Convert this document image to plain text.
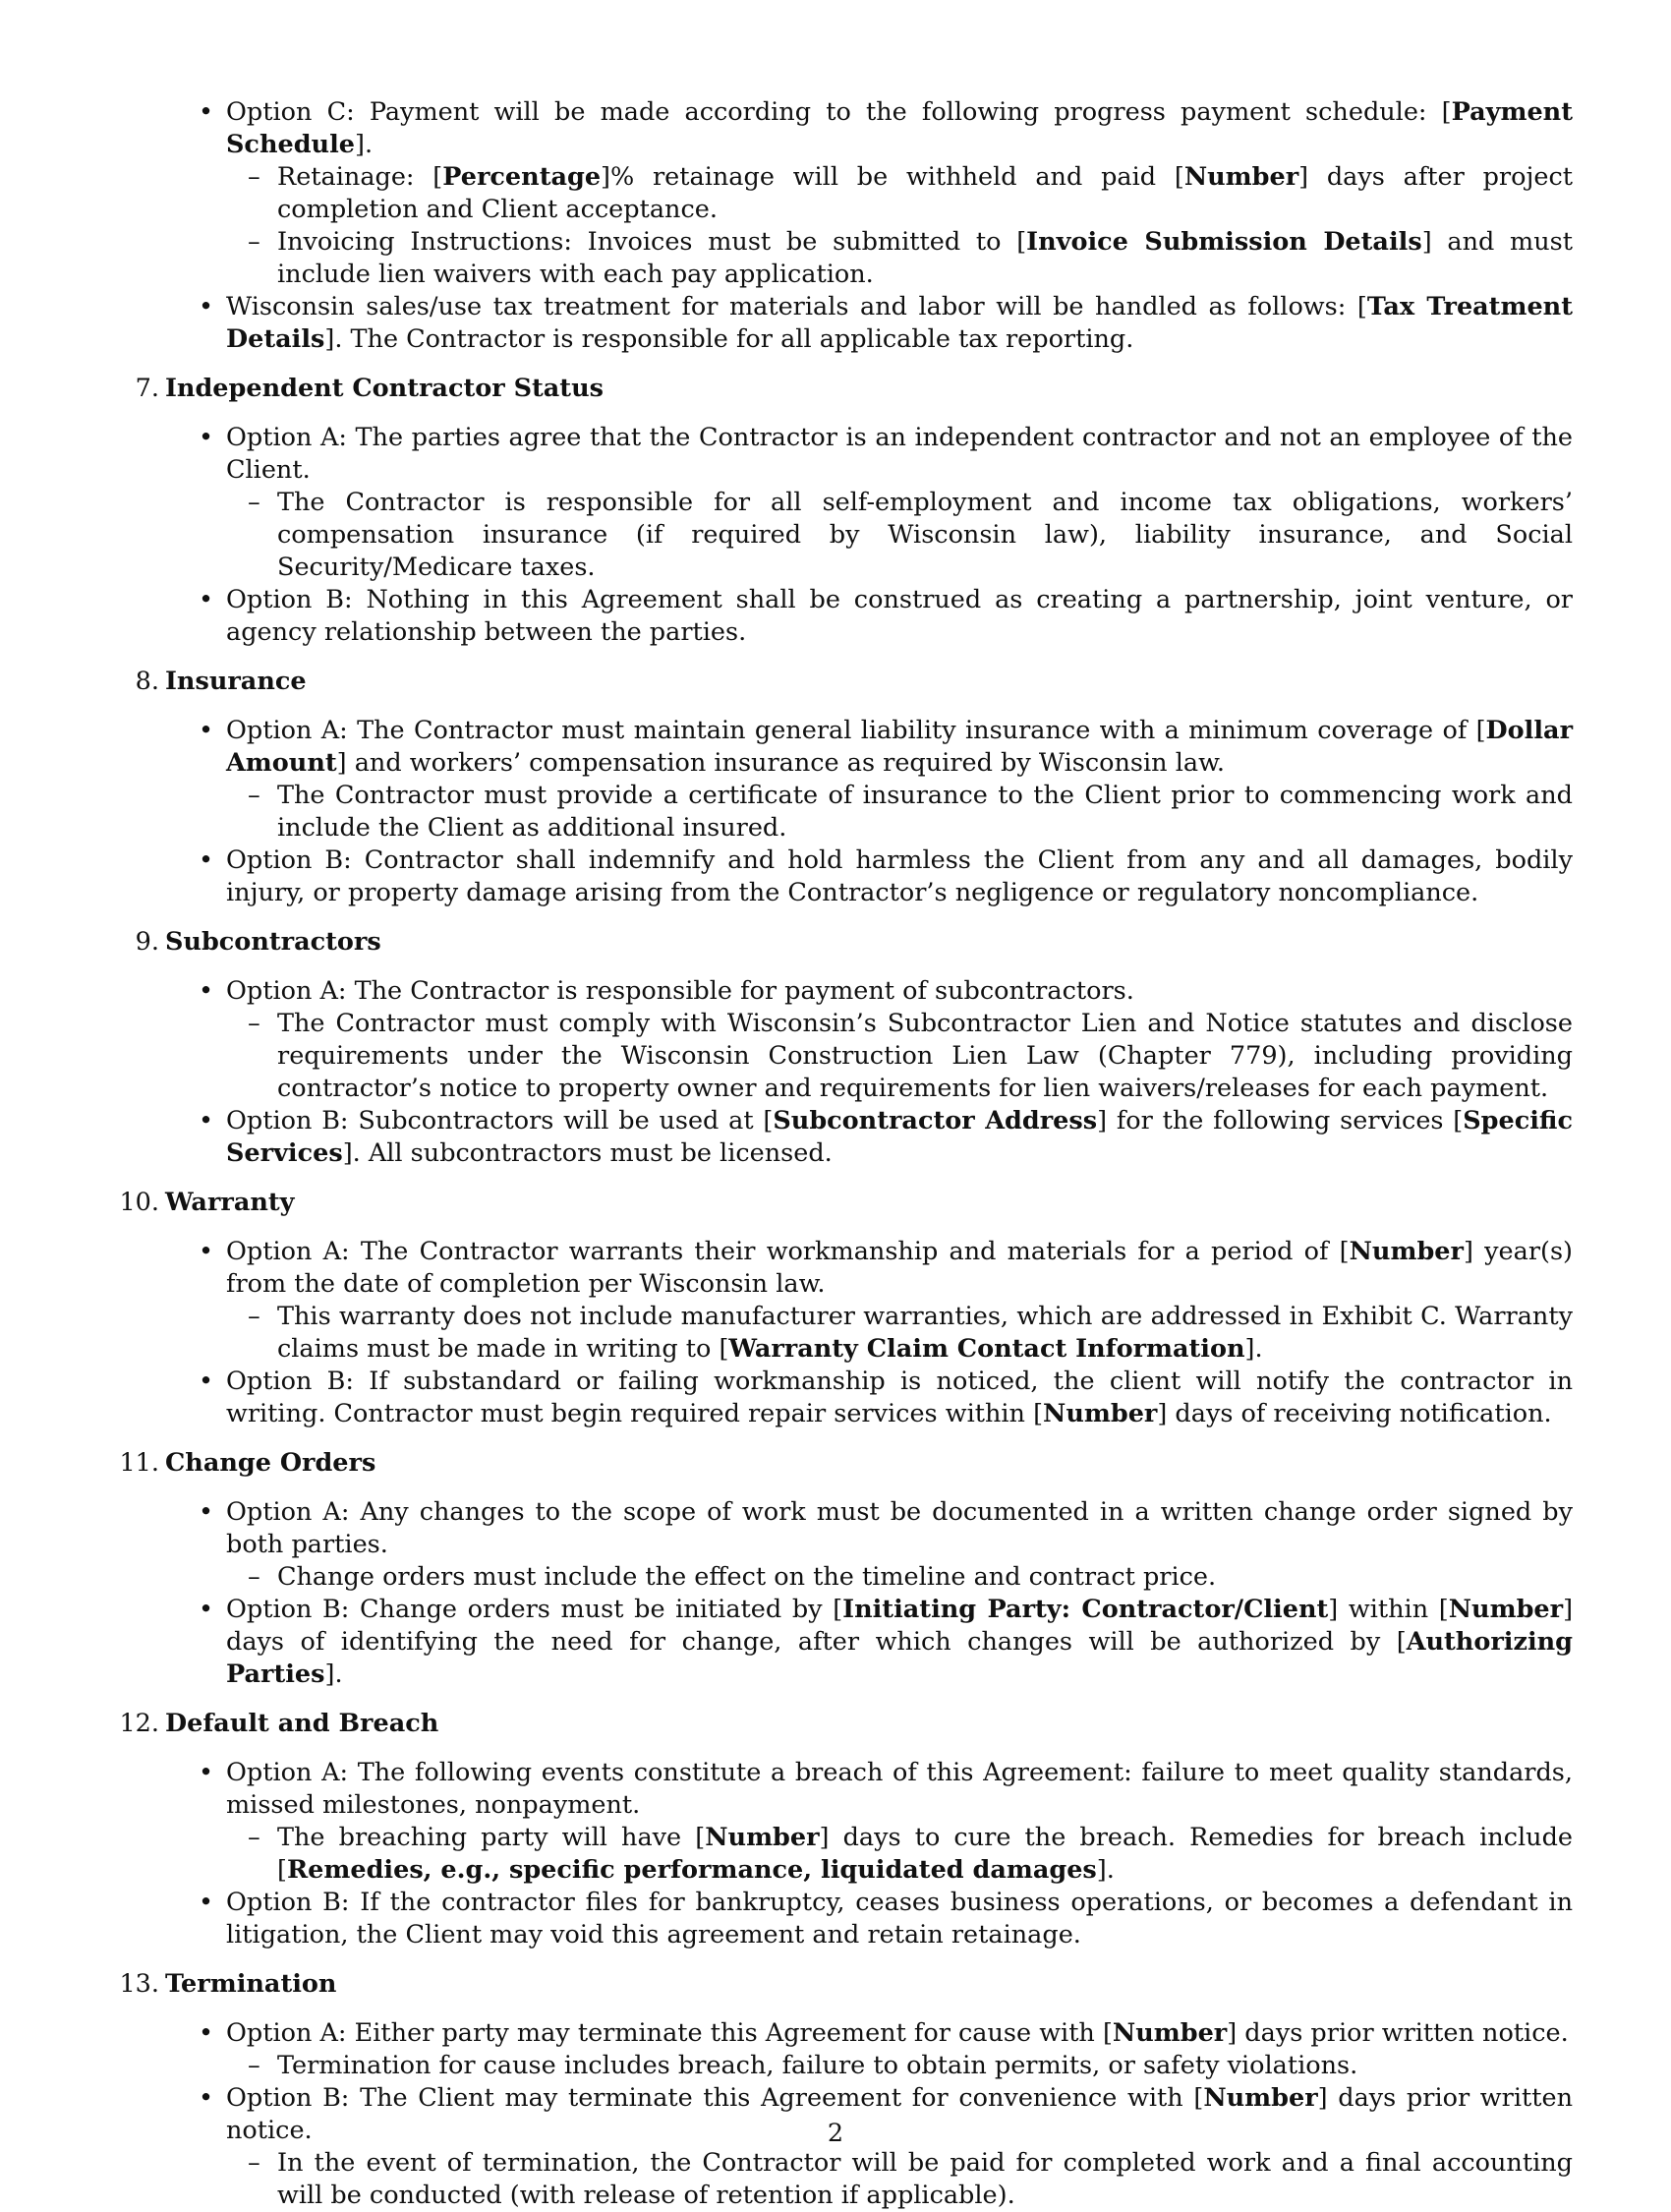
• Option C: Payment will be made according to the following progress payment schedule: [Payment Schedule].
– Retainage: [Percentage]% retainage will be withheld and paid [Number] days after project completion and Client acceptance.
– Invoicing Instructions: Invoices must be submitted to [Invoice Submission Details] and must include lien waivers with each pay application.
• Wisconsin sales/use tax treatment for materials and labor will be handled as follows: [Tax Treatment Details]. The Contractor is responsible for all applicable tax reporting.
7. Independent Contractor Status
• Option A: The parties agree that the Contractor is an independent contractor and not an employee of the Client.
– The Contractor is responsible for all self-employment and income tax obligations, workers’ compensation insurance (if required by Wisconsin law), liability insurance, and Social Security/Medicare taxes.
• Option B: Nothing in this Agreement shall be construed as creating a partnership, joint venture, or agency relationship between the parties.
8. Insurance
• Option A: The Contractor must maintain general liability insurance with a minimum coverage of [Dollar Amount] and workers’ compensation insurance as required by Wisconsin law.
– The Contractor must provide a certificate of insurance to the Client prior to commencing work and include the Client as additional insured.
• Option B: Contractor shall indemnify and hold harmless the Client from any and all damages, bodily injury, or property damage arising from the Contractor’s negligence or regulatory noncompliance.
9. Subcontractors
• Option A: The Contractor is responsible for payment of subcontractors.
– The Contractor must comply with Wisconsin’s Subcontractor Lien and Notice statutes and disclose requirements under the Wisconsin Construction Lien Law (Chapter 779), including providing contractor’s notice to property owner and requirements for lien waivers/releases for each payment.
• Option B: Subcontractors will be used at [Subcontractor Address] for the following services [Specific Services]. All subcontractors must be licensed.
10. Warranty
• Option A: The Contractor warrants their workmanship and materials for a period of [Number] year(s) from the date of completion per Wisconsin law.
– This warranty does not include manufacturer warranties, which are addressed in Exhibit C. Warranty claims must be made in writing to [Warranty Claim Contact Information].
• Option B: If substandard or failing workmanship is noticed, the client will notify the contractor in writing. Contractor must begin required repair services within [Number] days of receiving notification.
11. Change Orders
• Option A: Any changes to the scope of work must be documented in a written change order signed by both parties.
– Change orders must include the effect on the timeline and contract price.
• Option B: Change orders must be initiated by [Initiating Party: Contractor/Client] within [Number] days of identifying the need for change, after which changes will be authorized by [Authorizing Parties].
12. Default and Breach
• Option A: The following events constitute a breach of this Agreement: failure to meet quality standards, missed milestones, nonpayment.
– The breaching party will have [Number] days to cure the breach. Remedies for breach include [Remedies, e.g., specific performance, liquidated damages].
• Option B: If the contractor files for bankruptcy, ceases business operations, or becomes a defendant in litigation, the Client may void this agreement and retain retainage.
13. Termination
• Option A: Either party may terminate this Agreement for cause with [Number] days prior written notice.
– Termination for cause includes breach, failure to obtain permits, or safety violations.
• Option B: The Client may terminate this Agreement for convenience with [Number] days prior written notice.
– In the event of termination, the Contractor will be paid for completed work and a final accounting will be conducted (with release of retention if applicable).
2
